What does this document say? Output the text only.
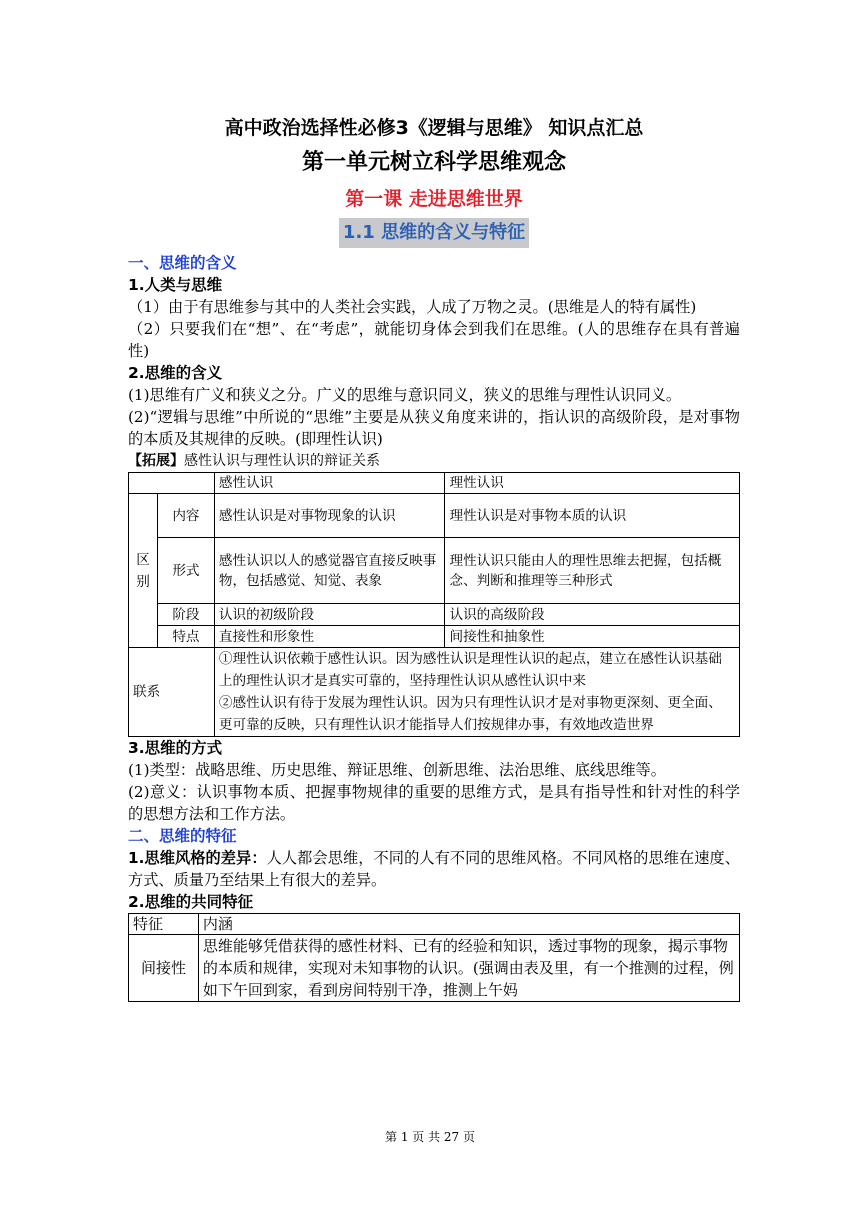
高中政治选择性必修3《逻辑与思维》 知识点汇总
第一单元树立科学思维观念
第一课 走进思维世界
1.1 思维的含义与特征
一、思维的含义
1.人类与思维
（1）由于有思维参与其中的人类社会实践，人成了万物之灵。(思维是人的特有属性)
（2）只要我们在“想”、在“考虑”，就能切身体会到我们在思维。(人的思维存在具有普遍性)
2.思维的含义
(1)思维有广义和狭义之分。广义的思维与意识同义，狭义的思维与理性认识同义。
(2)“逻辑与思维”中所说的“思维”主要是从狭义角度来讲的，指认识的高级阶段，是对事物的本质及其规律的反映。(即理性认识)
【拓展】感性认识与理性认识的辩证关系
		感性认识	理性认识
区别	内容	感性认识是对事物现象的认识	理性认识是对事物本质的认识
	形式	感性认识以人的感觉器官直接反映事物，包括感觉、知觉、表象	理性认识只能由人的理性思维去把握，包括概念、判断和推理等三种形式
	阶段	认识的初级阶段	认识的高级阶段
	特点	直接性和形象性	间接性和抽象性
联系		①理性认识依赖于感性认识。因为感性认识是理性认识的起点，建立在感性认识基础上的理性认识才是真实可靠的，坚持理性认识从感性认识中来
②感性认识有待于发展为理性认识。因为只有理性认识才是对事物更深刻、更全面、更可靠的反映，只有理性认识才能指导人们按规律办事，有效地改造世界	
3.思维的方式
(1)类型：战略思维、历史思维、辩证思维、创新思维、法治思维、底线思维等。
(2)意义：认识事物本质、把握事物规律的重要的思维方式，是具有指导性和针对性的科学的思想方法和工作方法。
二、思维的特征
1.思维风格的差异：人人都会思维，不同的人有不同的思维风格。不同风格的思维在速度、方式、质量乃至结果上有很大的差异。
2.思维的共同特征
特征	内涵
间接性	思维能够凭借获得的感性材料、已有的经验和知识，透过事物的现象，揭示事物的本质和规律，实现对未知事物的认识。(强调由表及里，有一个推测的过程，例如下午回到家，看到房间特别干净，推测上午妈
第 1 页 共 27 页
